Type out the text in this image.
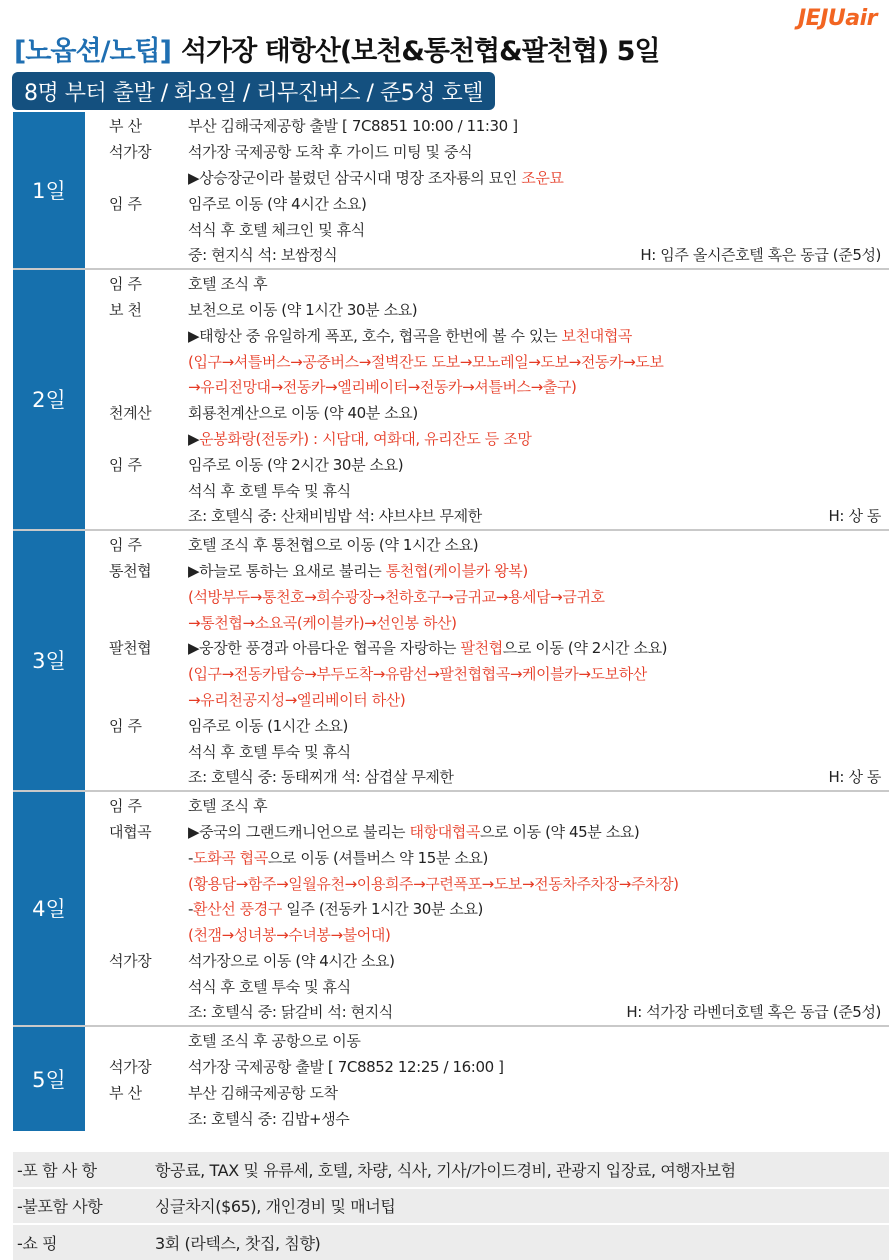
JEJUair
[노옵션/노팁] 석가장 태항산(보천&통천협&팔천협) 5일
8명 부터 출발 / 화요일 / 리무진버스 / 준5성 호텔
1일
부 산	부산 김해국제공항 출발 [ 7C8851 10:00 / 11:30 ]
석가장	석가장 국제공항 도착 후 가이드 미팅 및 중식
▶상승장군이라 불렸던 삼국시대 명장 조자룡의 묘인 조운묘
임 주	임주로 이동 (약 4시간 소요)
석식 후 호텔 체크인 및 휴식
중: 현지식 석: 보쌈정식	H: 임주 올시즌호텔 혹은 동급 (준5성)
2일
임 주	호텔 조식 후
보 천	보천으로 이동 (약 1시간 30분 소요)
▶태항산 중 유일하게 폭포, 호수, 협곡을 한번에 볼 수 있는 보천대협곡
(입구→셔틀버스→공중버스→절벽잔도 도보→모노레일→도보→전동카→도보
→유리전망대→전동카→엘리베이터→전동카→셔틀버스→출구)
천계산	회룡천계산으로 이동 (약 40분 소요)
▶운봉화랑(전동카) : 시담대, 여화대, 유리잔도 등 조망
임 주	임주로 이동 (약 2시간 30분 소요)
석식 후 호텔 투숙 및 휴식
조: 호텔식 중: 산채비빔밥 석: 샤브샤브 무제한	H: 상 동
3일
임 주	호텔 조식 후 통천협으로 이동 (약 1시간 소요)
통천협	▶하늘로 통하는 요새로 불리는 통천협(케이블카 왕복)
(석방부두→통천호→희수광장→천하호구→금귀교→용세담→금귀호
→통천협→소요곡(케이블카)→선인봉 하산)
팔천협	▶웅장한 풍경과 아름다운 협곡을 자랑하는 팔천협으로 이동 (약 2시간 소요)
(입구→전동카탑승→부두도착→유람선→팔천협협곡→케이블카→도보하산
→유리천공지성→엘리베이터 하산)
임 주	임주로 이동 (1시간 소요)
석식 후 호텔 투숙 및 휴식
조: 호텔식 중: 동태찌개 석: 삼겹살 무제한	H: 상 동
4일
임 주	호텔 조식 후
대협곡	▶중국의 그랜드캐니언으로 불리는 태항대협곡으로 이동 (약 45분 소요)
-도화곡 협곡으로 이동 (셔틀버스 약 15분 소요)
(황용담→함주→일월유천→이용희주→구련폭포→도보→전동차주차장→주차장)
-환산선 풍경구 일주 (전동카 1시간 30분 소요)
(천갬→성녀봉→수녀봉→불어대)
석가장	석가장으로 이동 (약 4시간 소요)
석식 후 호텔 투숙 및 휴식
조: 호텔식 중: 닭갈비 석: 현지식	H: 석가장 라벤더호텔 혹은 동급 (준5성)
5일
호텔 조식 후 공항으로 이동
석가장	석가장 국제공항 출발 [ 7C8852 12:25 / 16:00 ]
부 산	부산 김해국제공항 도착
조: 호텔식 중: 김밥+생수
-포 함 사 항	항공료, TAX 및 유류세, 호텔, 차량, 식사, 기사/가이드경비, 관광지 입장료, 여행자보험
-불포함 사항	싱글차지($65), 개인경비 및 매너팁
-쇼 핑	3회 (라텍스, 찻집, 침향)
